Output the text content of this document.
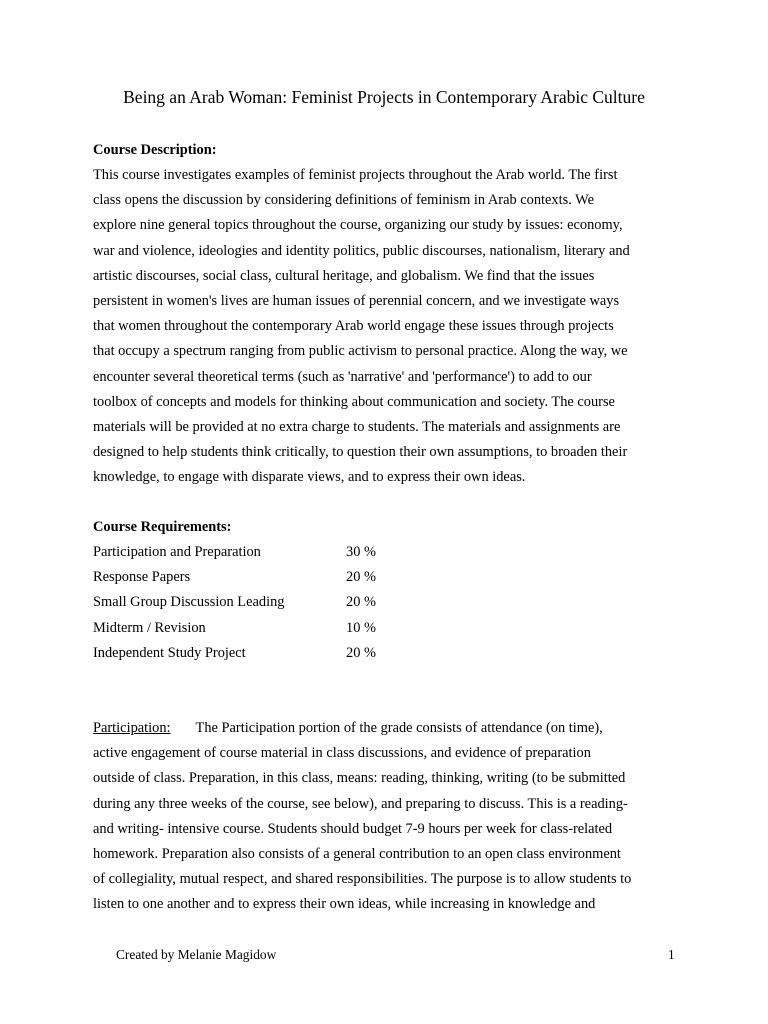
Being an Arab Woman: Feminist Projects in Contemporary Arabic Culture
Course Description:
This course investigates examples of feminist projects throughout the Arab world. The first
class opens the discussion by considering definitions of feminism in Arab contexts. We
explore nine general topics throughout the course, organizing our study by issues: economy,
war and violence, ideologies and identity politics, public discourses, nationalism, literary and
artistic discourses, social class, cultural heritage, and globalism. We find that the issues
persistent in women's lives are human issues of perennial concern, and we investigate ways
that women throughout the contemporary Arab world engage these issues through projects
that occupy a spectrum ranging from public activism to personal practice. Along the way, we
encounter several theoretical terms (such as 'narrative' and 'performance') to add to our
toolbox of concepts and models for thinking about communication and society. The course
materials will be provided at no extra charge to students. The materials and assignments are
designed to help students think critically, to question their own assumptions, to broaden their
knowledge, to engage with disparate views, and to express their own ideas.
Course Requirements:
Participation and Preparation	30 %
Response Papers	20 %
Small Group Discussion Leading	20 %
Midterm / Revision	10 %
Independent Study Project	20 %
Participation: The Participation portion of the grade consists of attendance (on time),
active engagement of course material in class discussions, and evidence of preparation
outside of class. Preparation, in this class, means: reading, thinking, writing (to be submitted
during any three weeks of the course, see below), and preparing to discuss. This is a reading-
and writing- intensive course. Students should budget 7-9 hours per week for class-related
homework. Preparation also consists of a general contribution to an open class environment
of collegiality, mutual respect, and shared responsibilities. The purpose is to allow students to
listen to one another and to express their own ideas, while increasing in knowledge and
Created by Melanie Magidow	1
